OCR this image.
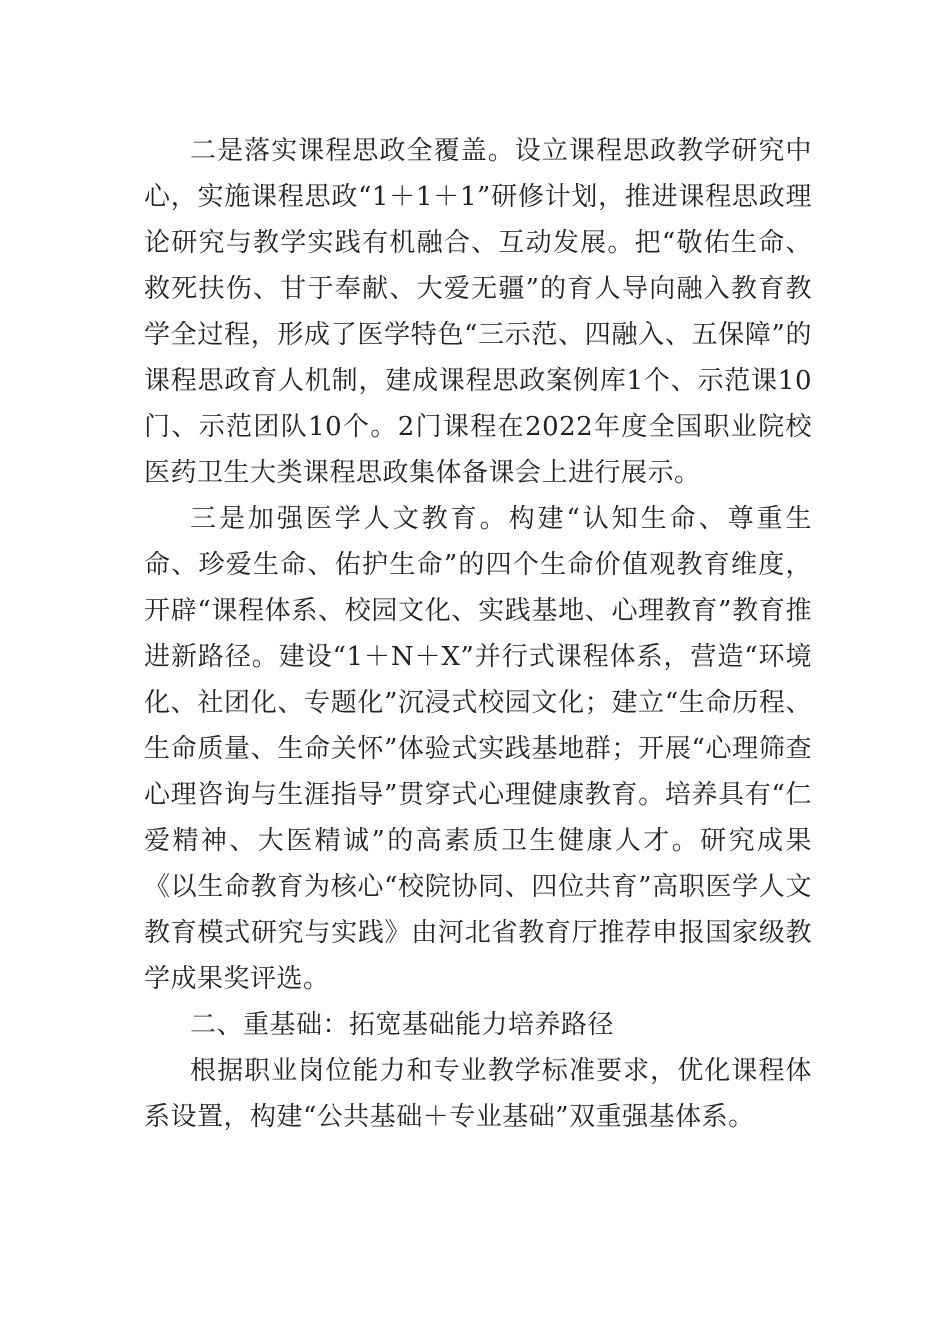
二是落实课程思政全覆盖。设立课程思政教学研究中心，实施课程思政“1＋1＋1”研修计划，推进课程思政理论研究与教学实践有机融合、互动发展。把“敬佑生命、救死扶伤、甘于奉献、大爱无疆”的育人导向融入教育教学全过程，形成了医学特色“三示范、四融入、五保障”的课程思政育人机制，建成课程思政案例库1个、示范课10门、示范团队10个。2门课程在2022年度全国职业院校医药卫生大类课程思政集体备课会上进行展示。

三是加强医学人文教育。构建“认知生命、尊重生命、珍爱生命、佑护生命”的四个生命价值观教育维度，开辟“课程体系、校园文化、实践基地、心理教育”教育推进新路径。建设“1＋N＋X”并行式课程体系，营造“环境化、社团化、专题化”沉浸式校园文化；建立“生命历程、生命质量、生命关怀”体验式实践基地群；开展“心理筛查心理咨询与生涯指导”贯穿式心理健康教育。培养具有“仁爱精神、大医精诚”的高素质卫生健康人才。研究成果《以生命教育为核心“校院协同、四位共育”高职医学人文教育模式研究与实践》由河北省教育厅推荐申报国家级教学成果奖评选。

二、重基础：拓宽基础能力培养路径

根据职业岗位能力和专业教学标准要求，优化课程体系设置，构建“公共基础＋专业基础”双重强基体系。
